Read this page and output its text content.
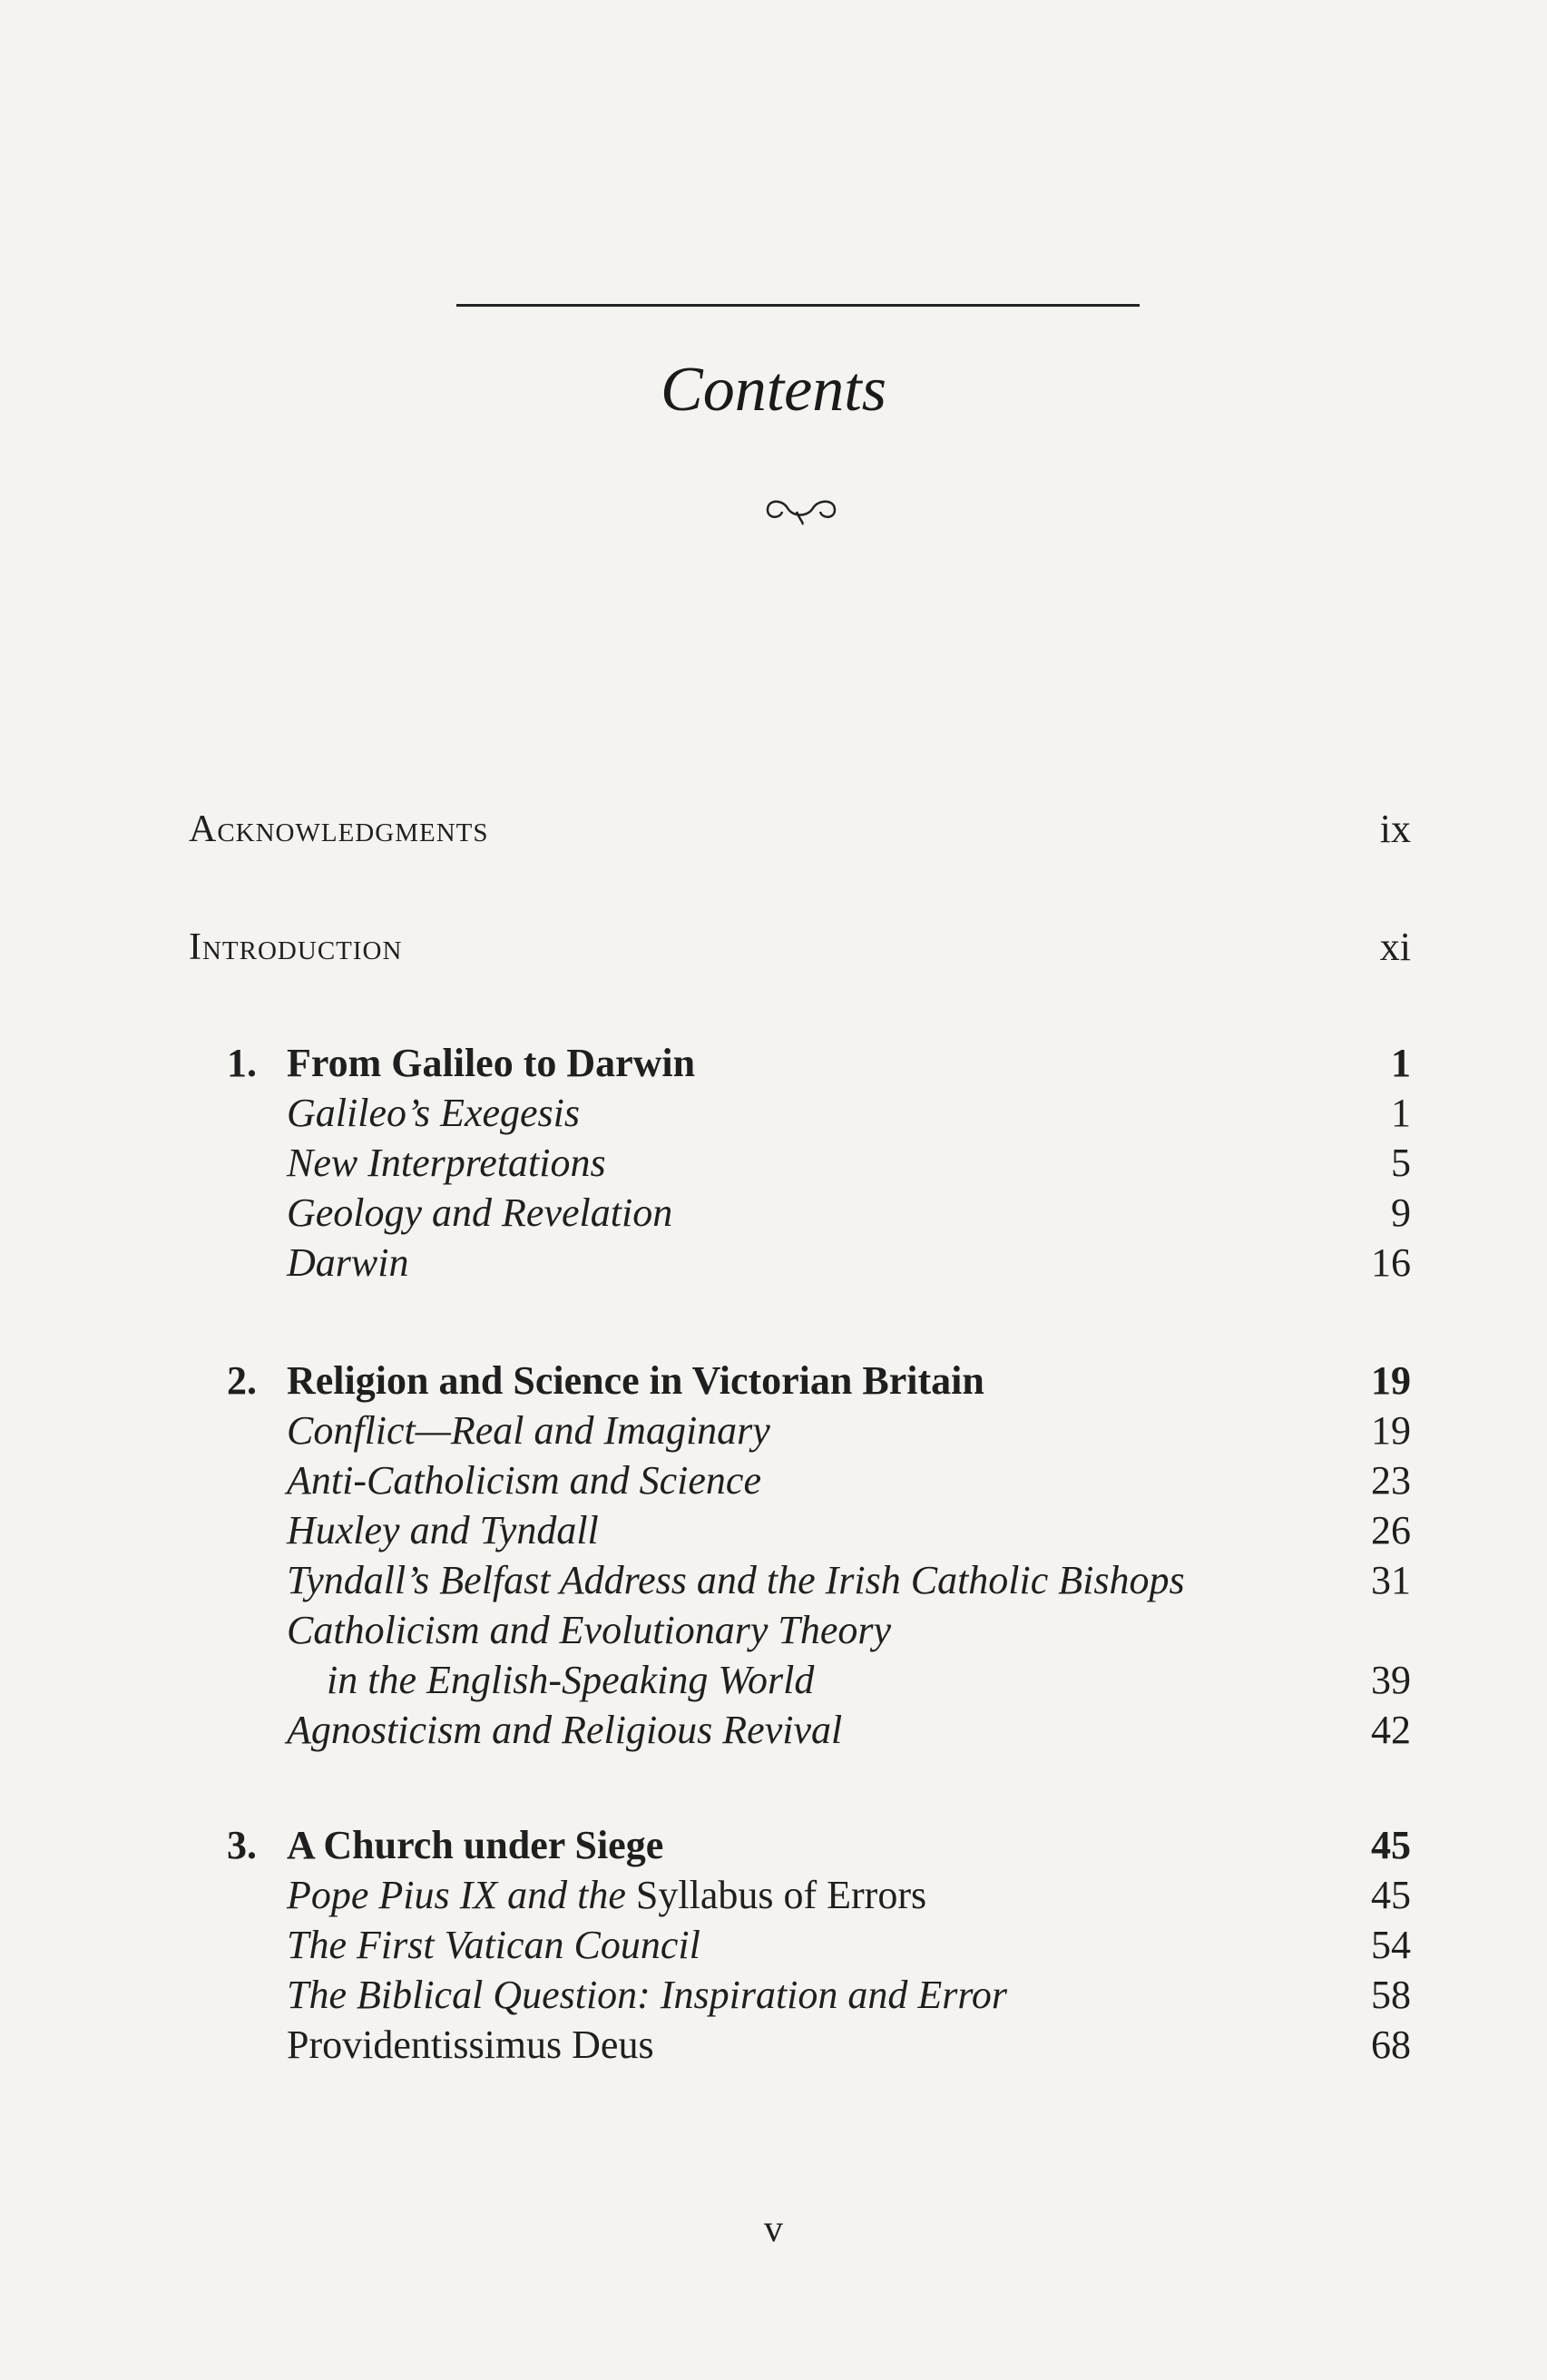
Contents
Acknowledgments	ix
Introduction	xi
1. From Galileo to Darwin	1
Galileo’s Exegesis	1
New Interpretations	5
Geology and Revelation	9
Darwin	16
2. Religion and Science in Victorian Britain	19
Conflict—Real and Imaginary	19
Anti-Catholicism and Science	23
Huxley and Tyndall	26
Tyndall’s Belfast Address and the Irish Catholic Bishops	31
Catholicism and Evolutionary Theory
in the English-Speaking World	39
Agnosticism and Religious Revival	42
3. A Church under Siege	45
Pope Pius IX and the Syllabus of Errors	45
The First Vatican Council	54
The Biblical Question: Inspiration and Error	58
Providentissimus Deus	68
v
